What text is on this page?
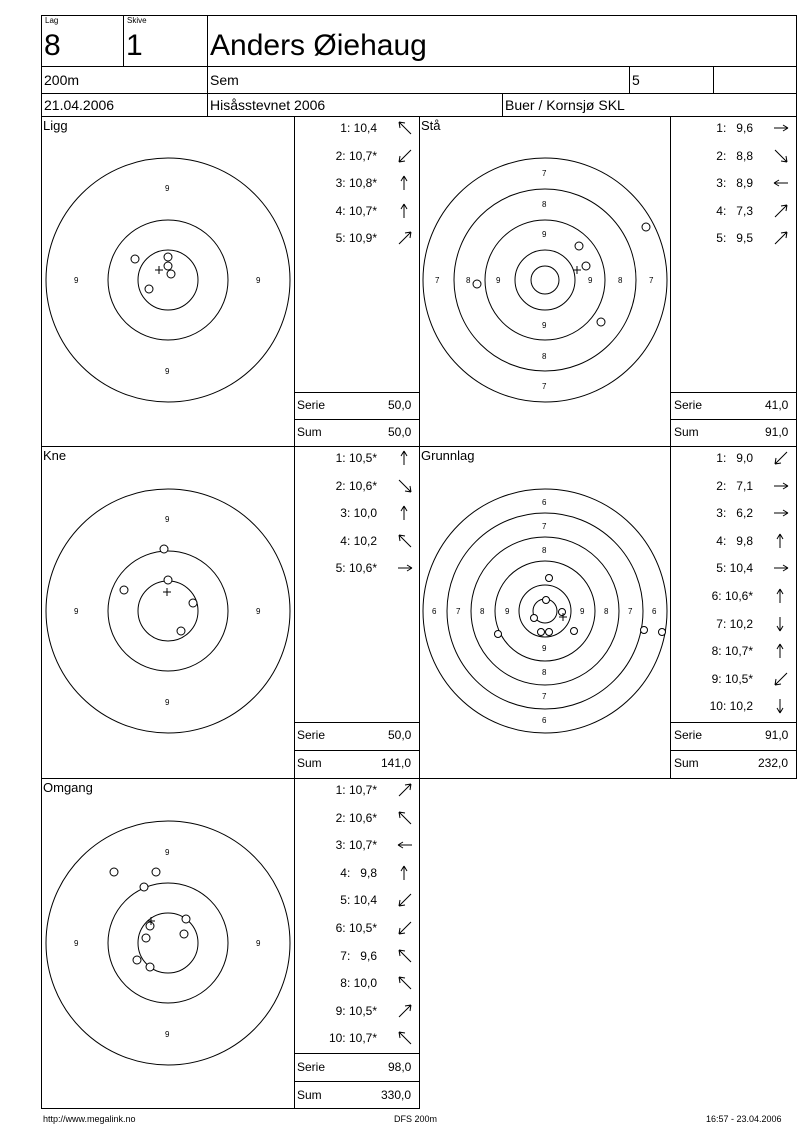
Lag
8
Skive
1 Anders Øiehaug
200m	Sem	5
21.04.2006	Hisåsstevnet 2006	Buer / Kornsjø SKL
Ligg	Stå
Kne	Grunnlag
Omgang
9
9
9	9
7
8
9
9
8
7
7	8	9	9	8	7
9
9
9	9
6
7
8
9
8
7
6
6 7 8	9	9 8 7 6
9
9
9	9
1: 10,4
2: 10,7*
3: 10,8*
4: 10,7*
5: 10,9*
1:   9,6
2:   8,8
3:   8,9
4:   7,3
5:   9,5
1: 10,5*
2: 10,6*
3: 10,0
4: 10,2
5: 10,6*
1:   9,0
2:   7,1
3:   6,2
4:   9,8
5: 10,4
6: 10,6*
7: 10,2
8: 10,7*
9: 10,5*
10: 10,2
1: 10,7*
2: 10,6*
3: 10,7*
4:   9,8
5: 10,4
6: 10,5*
7:   9,6
8: 10,0
9: 10,5*
10: 10,7*
Serie	50,0
Sum	50,0
Serie	41,0
Sum	91,0
Serie	50,0
Sum	141,0
Serie	91,0
Sum	232,0
Serie	98,0
Sum	330,0
http://www.megalink.no	DFS 200m	16:57 - 23.04.2006
